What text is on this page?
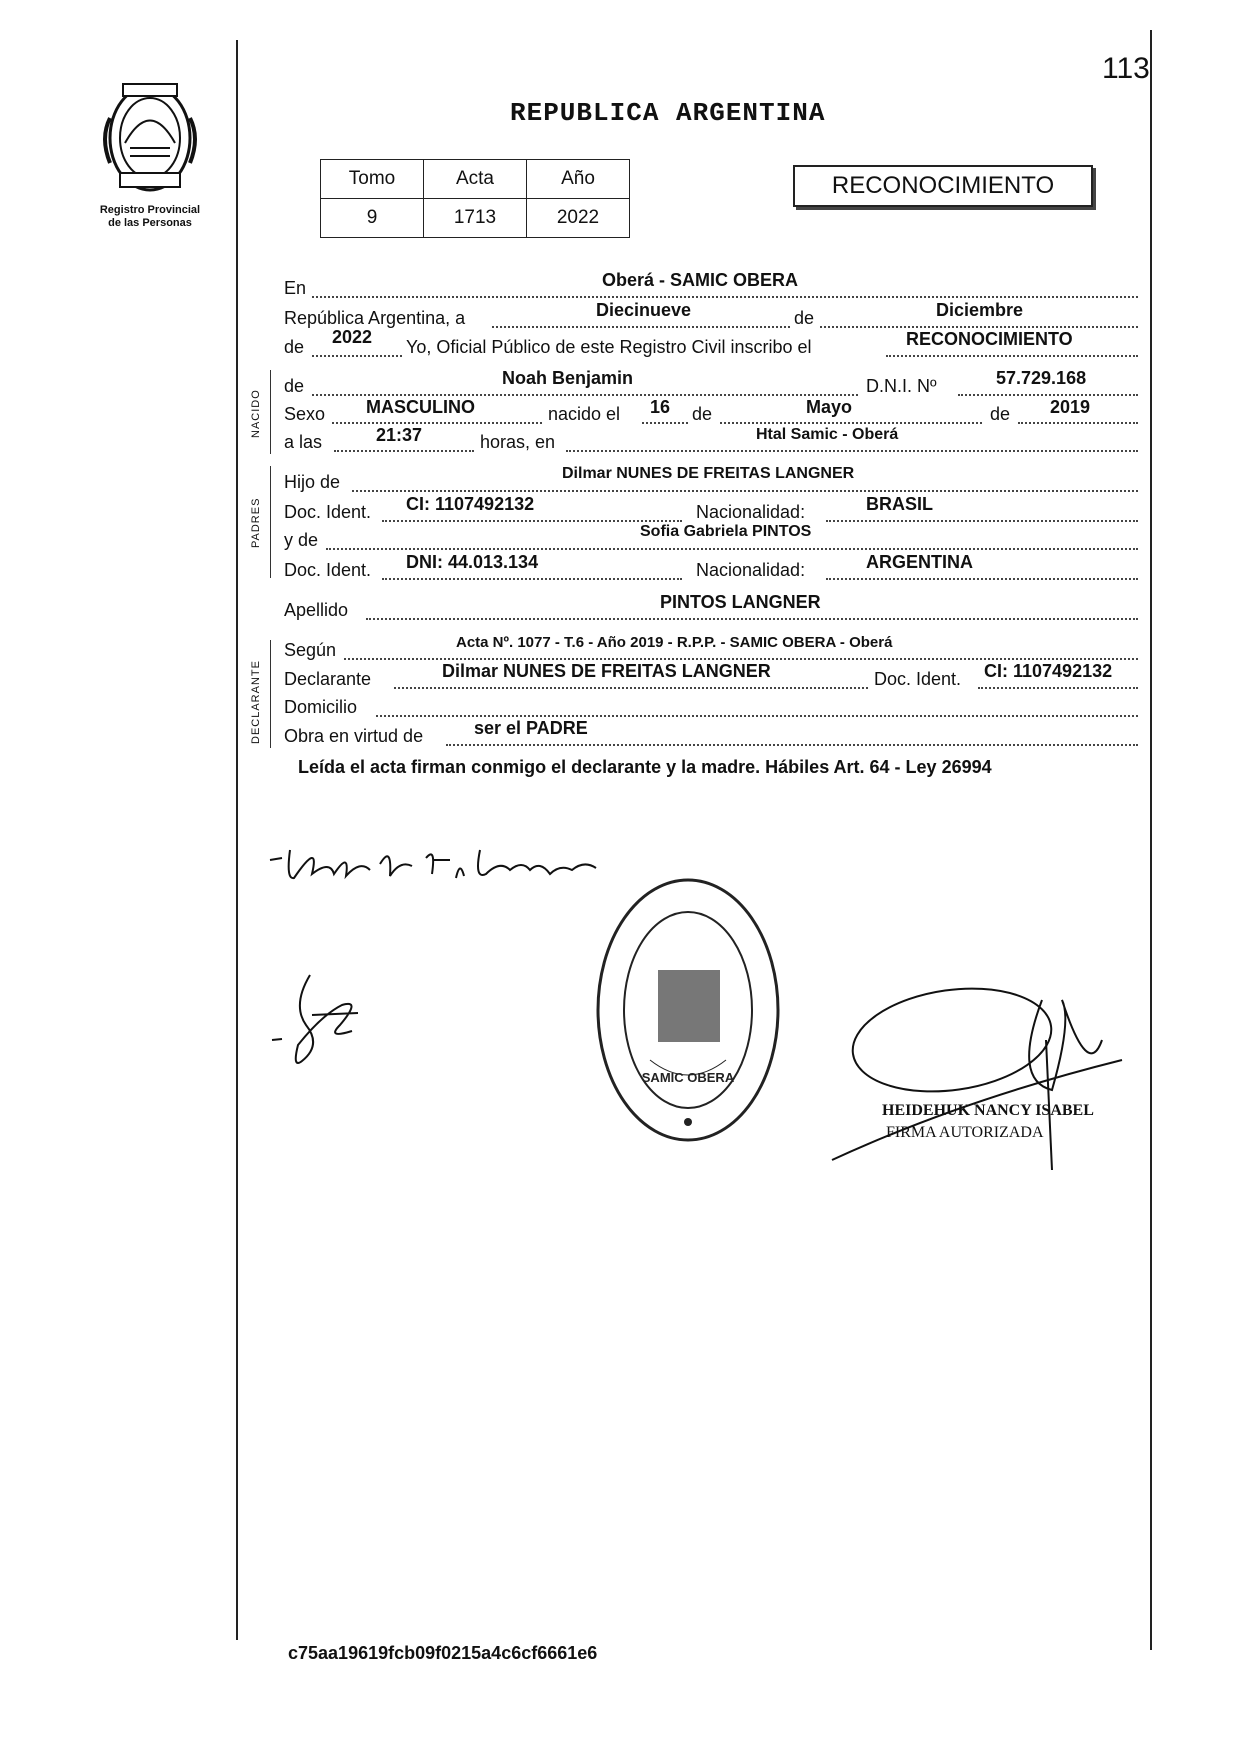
Registro Provincial
de las Personas
113
REPUBLICA ARGENTINA
Tomo	Acta	Año
9	1713	2022
RECONOCIMIENTO
En	Oberá - SAMIC OBERA
República Argentina, a	Diecinueve	de	Diciembre
de 2022 Yo, Oficial Público de este Registro Civil inscribo el	RECONOCIMIENTO
NACIDO
de	Noah Benjamin	D.N.I. Nº	57.729.168
Sexo MASCULINO	nacido el 16 de	Mayo	de 2019
a las	21:37	horas, en	Htal Samic - Oberá
PADRES
Hijo de	Dilmar NUNES DE FREITAS LANGNER
Doc. Ident. CI: 1107492132	Nacionalidad:	BRASIL
y de	Sofia Gabriela PINTOS
Doc. Ident. DNI: 44.013.134	Nacionalidad:	ARGENTINA
Apellido	PINTOS LANGNER
DECLARANTE
Según	Acta Nº. 1077 - T.6 - Año 2019 - R.P.P. - SAMIC OBERA - Oberá
Declarante	Dilmar NUNES DE FREITAS LANGNER	Doc. Ident. CI: 1107492132
Domicilio
Obra en virtud de	ser el PADRE
Leída el acta firman conmigo el declarante y la madre. Hábiles Art. 64 - Ley 26994
SAMIC OBERA
HEIDEHUK NANCY ISABEL
FIRMA AUTORIZADA
c75aa19619fcb09f0215a4c6cf6661e6
